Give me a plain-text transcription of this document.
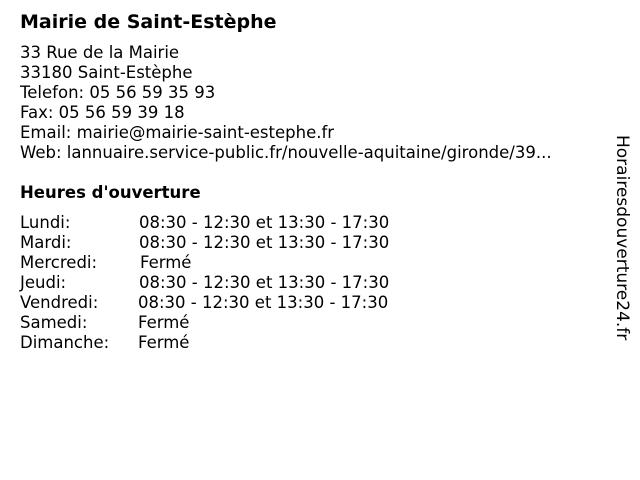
Mairie de Saint-Estèphe
33 Rue de la Mairie
33180 Saint-Estèphe
Telefon: 05 56 59 35 93
Fax: 05 56 59 39 18
Email: mairie@mairie-saint-estephe.fr
Web: lannuaire.service-public.fr/nouvelle-aquitaine/gironde/39...
Heures d'ouverture
Lundi:	08:30 - 12:30 et 13:30 - 17:30
Mardi:	08:30 - 12:30 et 13:30 - 17:30
Mercredi:	Fermé
Jeudi:	08:30 - 12:30 et 13:30 - 17:30
Vendredi: 08:30 - 12:30 et 13:30 - 17:30
Samedi:	Fermé
Dimanche: Fermé
Horairesdouverture24.fr
